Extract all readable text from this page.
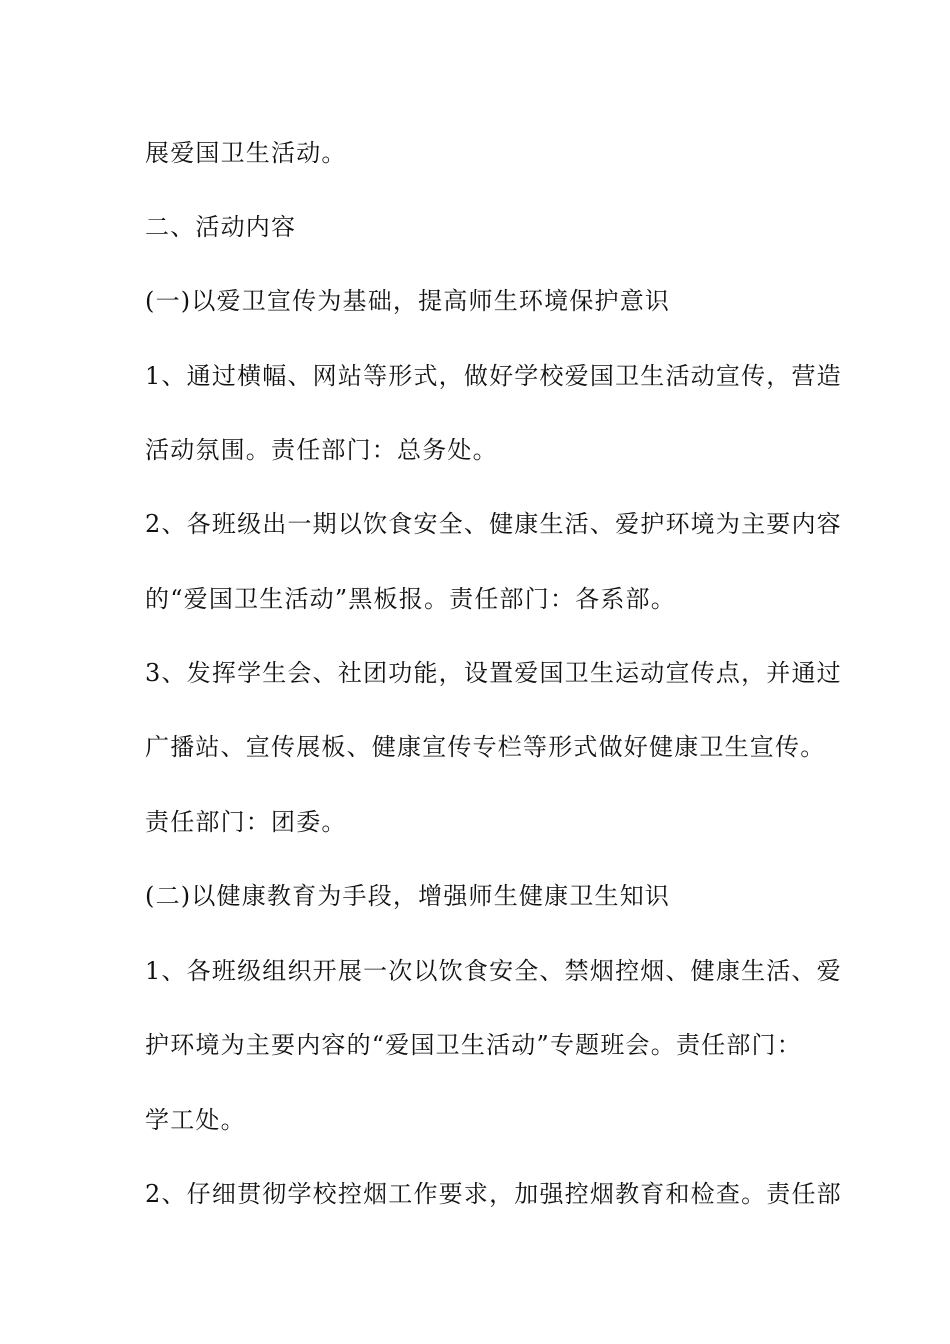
展爱国卫生活动。
二、活动内容
(一)以爱卫宣传为基础，提高师生环境保护意识
1、通过横幅、网站等形式，做好学校爱国卫生活动宣传，营造
活动氛围。责任部门：总务处。
2、各班级出一期以饮食安全、健康生活、爱护环境为主要内容
的“爱国卫生活动”黑板报。责任部门：各系部。
3、发挥学生会、社团功能，设置爱国卫生运动宣传点，并通过
广播站、宣传展板、健康宣传专栏等形式做好健康卫生宣传。
责任部门：团委。
(二)以健康教育为手段，增强师生健康卫生知识
1、各班级组织开展一次以饮食安全、禁烟控烟、健康生活、爱
护环境为主要内容的“爱国卫生活动”专题班会。责任部门：
学工处。
2、仔细贯彻学校控烟工作要求，加强控烟教育和检查。责任部
